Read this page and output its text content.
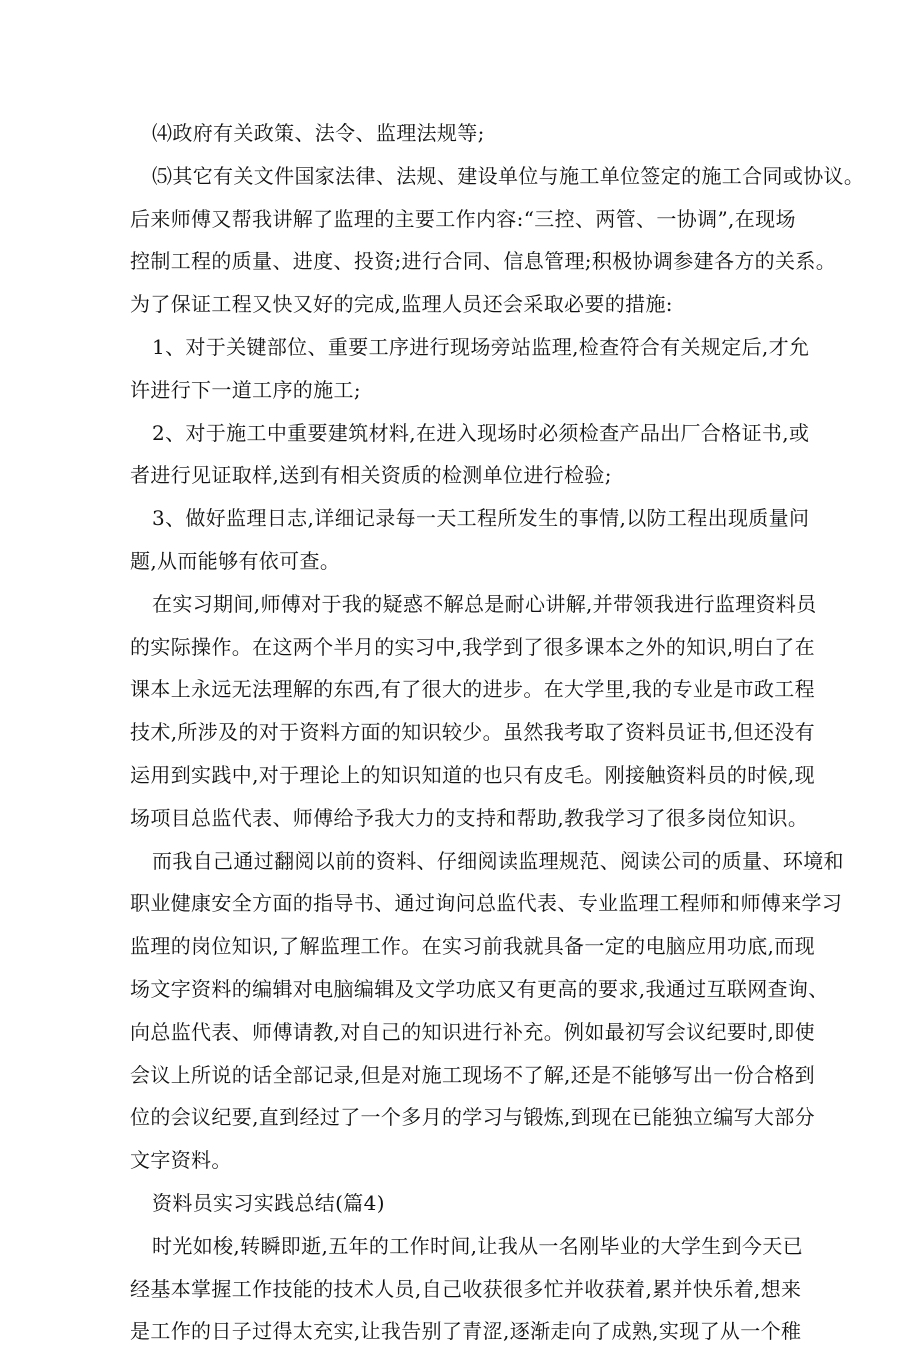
⑷政府有关政策、法令、监理法规等;
⑸其它有关文件国家法律、法规、建设单位与施工单位签定的施工合同或协议。
后来师傅又帮我讲解了监理的主要工作内容:“三控、两管、一协调”,在现场
控制工程的质量、进度、投资;进行合同、信息管理;积极协调参建各方的关系。
为了保证工程又快又好的完成,监理人员还会采取必要的措施:
1、对于关键部位、重要工序进行现场旁站监理,检查符合有关规定后,才允
许进行下一道工序的施工;
2、对于施工中重要建筑材料,在进入现场时必须检查产品出厂合格证书,或
者进行见证取样,送到有相关资质的检测单位进行检验;
3、做好监理日志,详细记录每一天工程所发生的事情,以防工程出现质量问
题,从而能够有依可查。
在实习期间,师傅对于我的疑惑不解总是耐心讲解,并带领我进行监理资料员
的实际操作。在这两个半月的实习中,我学到了很多课本之外的知识,明白了在
课本上永远无法理解的东西,有了很大的进步。在大学里,我的专业是市政工程
技术,所涉及的对于资料方面的知识较少。虽然我考取了资料员证书,但还没有
运用到实践中,对于理论上的知识知道的也只有皮毛。刚接触资料员的时候,现
场项目总监代表、师傅给予我大力的支持和帮助,教我学习了很多岗位知识。
而我自己通过翻阅以前的资料、仔细阅读监理规范、阅读公司的质量、环境和
职业健康安全方面的指导书、通过询问总监代表、专业监理工程师和师傅来学习
监理的岗位知识,了解监理工作。在实习前我就具备一定的电脑应用功底,而现
场文字资料的编辑对电脑编辑及文学功底又有更高的要求,我通过互联网查询、
向总监代表、师傅请教,对自己的知识进行补充。例如最初写会议纪要时,即使
会议上所说的话全部记录,但是对施工现场不了解,还是不能够写出一份合格到
位的会议纪要,直到经过了一个多月的学习与锻炼,到现在已能独立编写大部分
文字资料。
资料员实习实践总结(篇4)
时光如梭,转瞬即逝,五年的工作时间,让我从一名刚毕业的大学生到今天已
经基本掌握工作技能的技术人员,自己收获很多忙并收获着,累并快乐着,想来
是工作的日子过得太充实,让我告别了青涩,逐渐走向了成熟,实现了从一个稚
